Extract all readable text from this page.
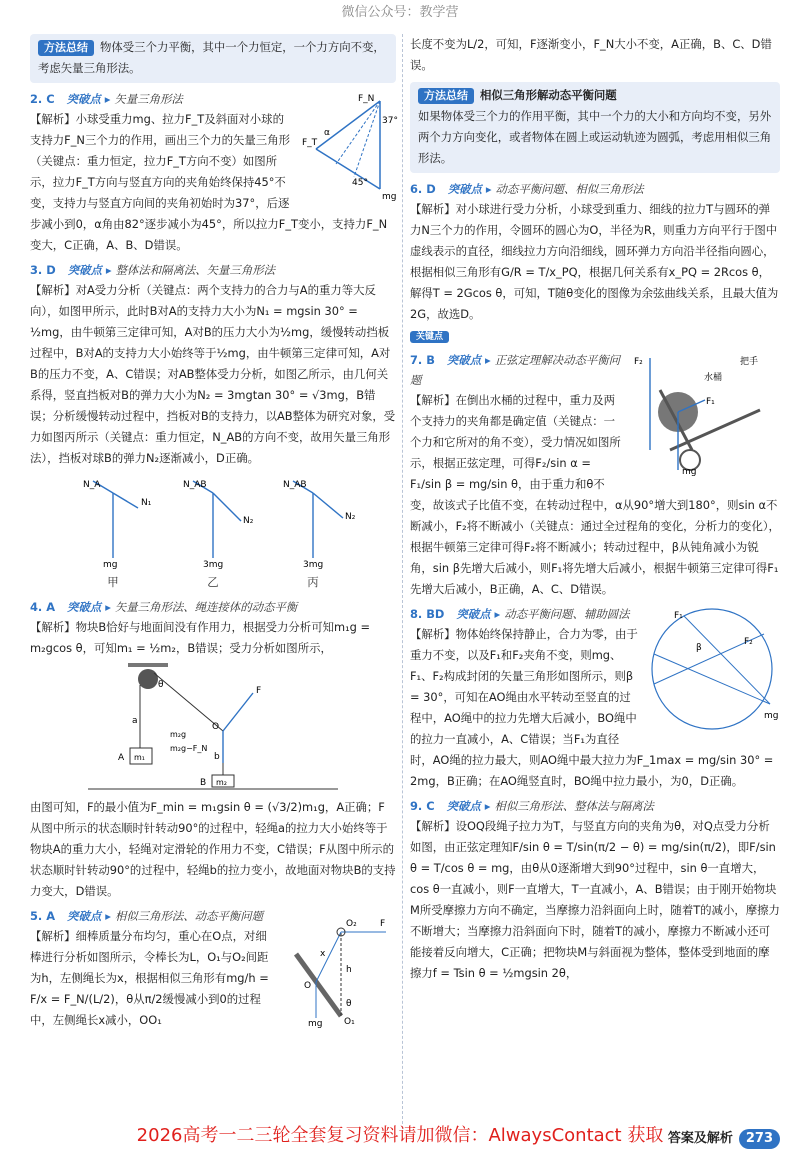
微信公众号：教学营
方法总结 物体受三个力平衡，其中一个力恒定，一个力方向不变，考虑矢量三角形法。
F_N
α
F_T
37°
45°
mg
2. C 突破点 ▸ 矢量三角形法
【解析】小球受重力mg、拉力F_T及斜面对小球的支持力F_N三个力的作用，画出三个力的矢量三角形（关键点：重力恒定，拉力F_T方向不变）如图所示，拉力F_T方向与竖直方向的夹角始终保持45°不变，支持力与竖直方向间的夹角初始时为37°，后逐步减小到0，α角由82°逐步减小为45°，所以拉力F_T变小，支持力F_N变大，C正确，A、B、D错误。
3. D 突破点 ▸ 整体法和隔离法、矢量三角形法
【解析】对A受力分析（关键点：两个支持力的合力与A的重力等大反向），如图甲所示，此时B对A的支持力大小为N₁ = mgsin 30° = ½mg，由牛顿第三定律可知，A对B的压力大小为½mg，缓慢转动挡板过程中，B对A的支持力大小始终等于½mg，由牛顿第三定律可知，A对B的压力不变，A、C错误；对AB整体受力分析，如图乙所示，由几何关系得，竖直挡板对B的弹力大小为N₂ = 3mgtan 30° = √3mg，B错误；分析缓慢转动过程中，挡板对B的支持力，以AB整体为研究对象，受力如图丙所示（关键点：重力恒定，N_AB的方向不变，故用矢量三角形法），挡板对球B的弹力N₂逐渐减小，D正确。
N_A
N₁
mg
N_AB
N₂
3mg
N_AB
N₂
3mg
甲	乙	丙
4. A 突破点 ▸ 矢量三角形法、绳连接体的动态平衡
【解析】物块B恰好与地面间没有作用力，根据受力分析可知m₁g = m₂gcos θ，可知m₁ = ½m₂，B错误；受力分析如图所示，
θ
a
A m₁	b
B m₂
F
O
m₂g
m₂g−F_N
由图可知，F的最小值为F_min = m₁gsin θ = (√3/2)m₁g，A正确；F从图中所示的状态顺时针转动90°的过程中，轻绳a的拉力大小始终等于物块A的重力大小，轻绳对定滑轮的作用力不变，C错误；F从图中所示的状态顺时针转动90°的过程中，轻绳b的拉力变小，故地面对物块B的支持力变大，D错误。
O₂	F
x
h
O
mg
θ
O₁
5. A 突破点 ▸ 相似三角形法、动态平衡问题
【解析】细棒质量分布均匀，重心在O点，对细棒进行分析如图所示，令棒长为L，O₁与O₂间距为h，左侧绳长为x，根据相似三角形有mg/h = F/x = F_N/(L/2)，θ从π/2缓慢减小到0的过程中，左侧绳长x减小，OO₁
长度不变为L/2，可知，F逐渐变小，F_N大小不变，A正确，B、C、D错误。
方法总结 相似三角形解动态平衡问题
如果物体受三个力的作用平衡，其中一个力的大小和方向均不变，另外两个力方向变化，或者物体在圆上或运动轨迹为圆弧，考虑用相似三角形法。
6. D 突破点 ▸ 动态平衡问题、相似三角形法
【解析】对小球进行受力分析，小球受到重力、细线的拉力T与圆环的弹力N三个力的作用，令圆环的圆心为O，半径为R，则重力方向平行于图中虚线表示的直径，细线拉力方向沿细线，圆环弹力方向沿半径指向圆心，根据相似三角形有G/R = T/x_PQ，根据几何关系有x_PQ = 2Rcos θ，解得T = 2Gcos θ，可知，T随θ变化的图像为余弦曲线关系，且最大值为2G，故选D。
关键点
F₂
水桶
把手
F₁
mg
7. B 突破点 ▸ 正弦定理解决动态平衡问题
【解析】在倒出水桶的过程中，重力及两个支持力的夹角都是确定值（关键点：一个力和它所对的角不变），受力情况如图所示，根据正弦定理，可得F₂/sin α = F₁/sin β = mg/sin θ，由于重力和θ不变，故该式子比值不变，在转动过程中，α从90°增大到180°，则sin α不断减小，F₂将不断减小（关键点：通过全过程角的变化，分析力的变化），根据牛顿第三定律可得F₂将不断减小；转动过程中，β从钝角减小为锐角，sin β先增大后减小，则F₁将先增大后减小，根据牛顿第三定律可得F₁先增大后减小，B正确，A、C、D错误。
F₁
F₂
β
mg
8. BD 突破点 ▸ 动态平衡问题、辅助圆法
【解析】物体始终保持静止，合力为零，由于重力不变，以及F₁和F₂夹角不变，则mg、F₁、F₂构成封闭的矢量三角形如图所示，则β = 30°，可知在AO绳由水平转动至竖直的过程中，AO绳中的拉力先增大后减小，BO绳中的拉力一直减小，A、C错误；当F₁为直径时，AO绳的拉力最大，则AO绳中最大拉力为F_1max = mg/sin 30° = 2mg，B正确；在AO绳竖直时，BO绳中拉力最小，为0，D正确。
9. C 突破点 ▸ 相似三角形法、整体法与隔离法
【解析】设OQ段绳子拉力为T，与竖直方向的夹角为θ，对Q点受力分析如图，由正弦定理知F/sin θ = T/sin(π/2 − θ) = mg/sin(π/2)，即F/sin θ = T/cos θ = mg，由θ从0逐渐增大到90°过程中，sin θ一直增大，cos θ一直减小，则F一直增大，T一直减小，A、B错误；由于刚开始物块M所受摩擦力方向不确定，当摩擦力沿斜面向上时，随着T的减小，摩擦力不断增大；当摩擦力沿斜面向下时，随着T的减小，摩擦力不断减小还可能接着反向增大，C正确；把物块M与斜面视为整体，整体受到地面的摩擦力f = Tsin θ = ½mgsin 2θ，
2026高考一二三轮全套复习资料请加微信：AlwaysContact 获取 答案及解析	273
